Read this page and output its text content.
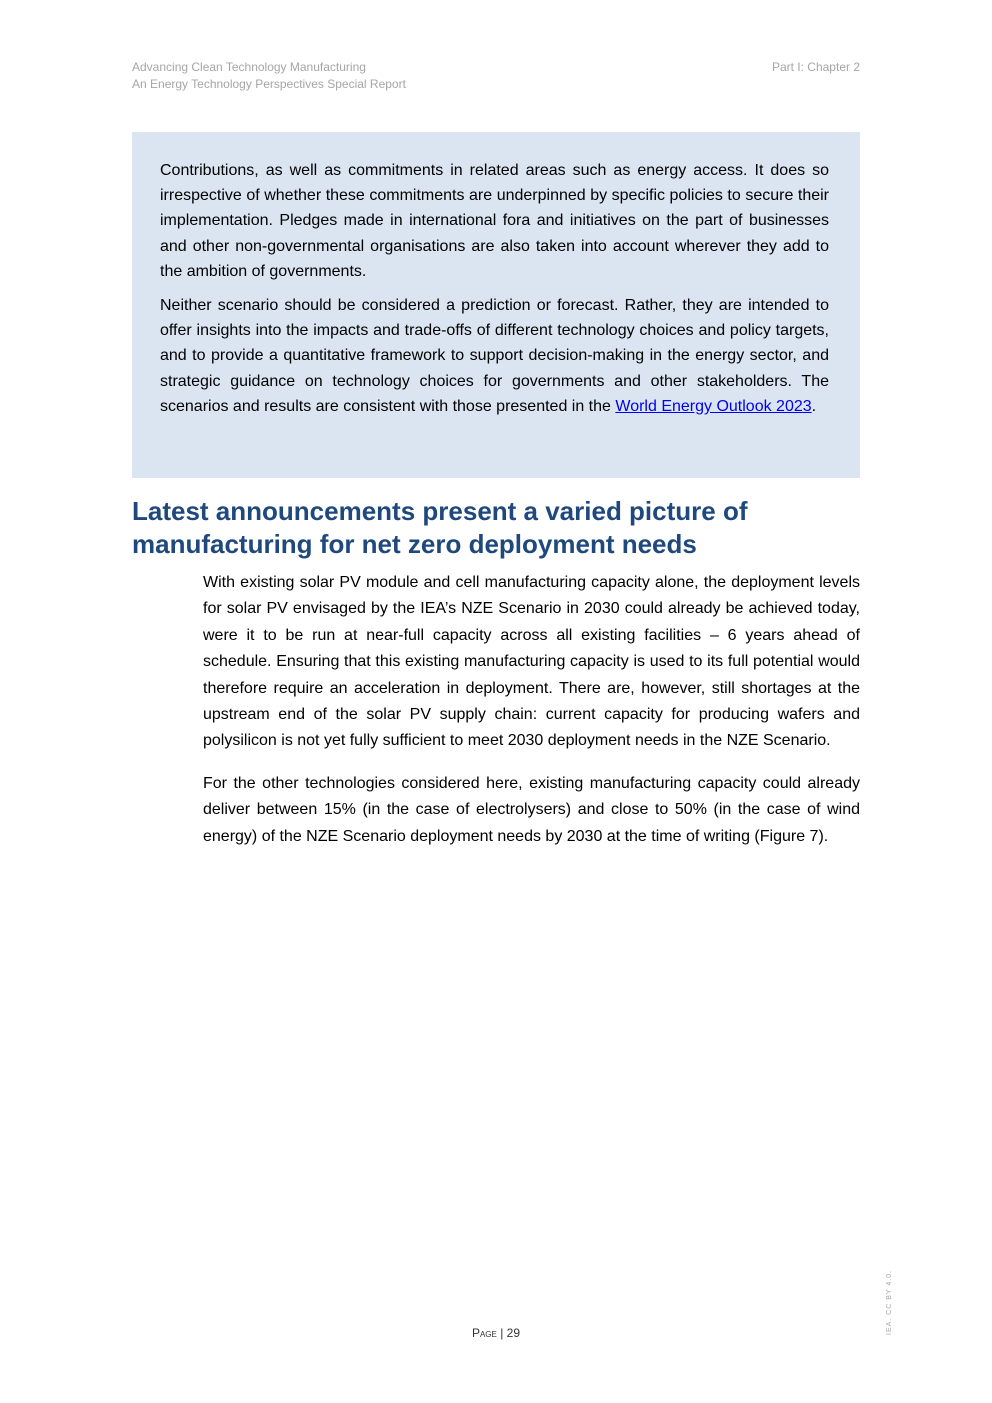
Advancing Clean Technology Manufacturing
An Energy Technology Perspectives Special Report
Part I: Chapter 2

Contributions, as well as commitments in related areas such as energy access. It does so irrespective of whether these commitments are underpinned by specific policies to secure their implementation. Pledges made in international fora and initiatives on the part of businesses and other non-governmental organisations are also taken into account wherever they add to the ambition of governments.

Neither scenario should be considered a prediction or forecast. Rather, they are intended to offer insights into the impacts and trade-offs of different technology choices and policy targets, and to provide a quantitative framework to support decision-making in the energy sector, and strategic guidance on technology choices for governments and other stakeholders. The scenarios and results are consistent with those presented in the World Energy Outlook 2023.

Latest announcements present a varied picture of manufacturing for net zero deployment needs

With existing solar PV module and cell manufacturing capacity alone, the deployment levels for solar PV envisaged by the IEA’s NZE Scenario in 2030 could already be achieved today, were it to be run at near-full capacity across all existing facilities – 6 years ahead of schedule. Ensuring that this existing manufacturing capacity is used to its full potential would therefore require an acceleration in deployment. There are, however, still shortages at the upstream end of the solar PV supply chain: current capacity for producing wafers and polysilicon is not yet fully sufficient to meet 2030 deployment needs in the NZE Scenario.

For the other technologies considered here, existing manufacturing capacity could already deliver between 15% (in the case of electrolysers) and close to 50% (in the case of wind energy) of the NZE Scenario deployment needs by 2030 at the time of writing (Figure 7).

IEA. CC BY 4.0.
Page | 29
